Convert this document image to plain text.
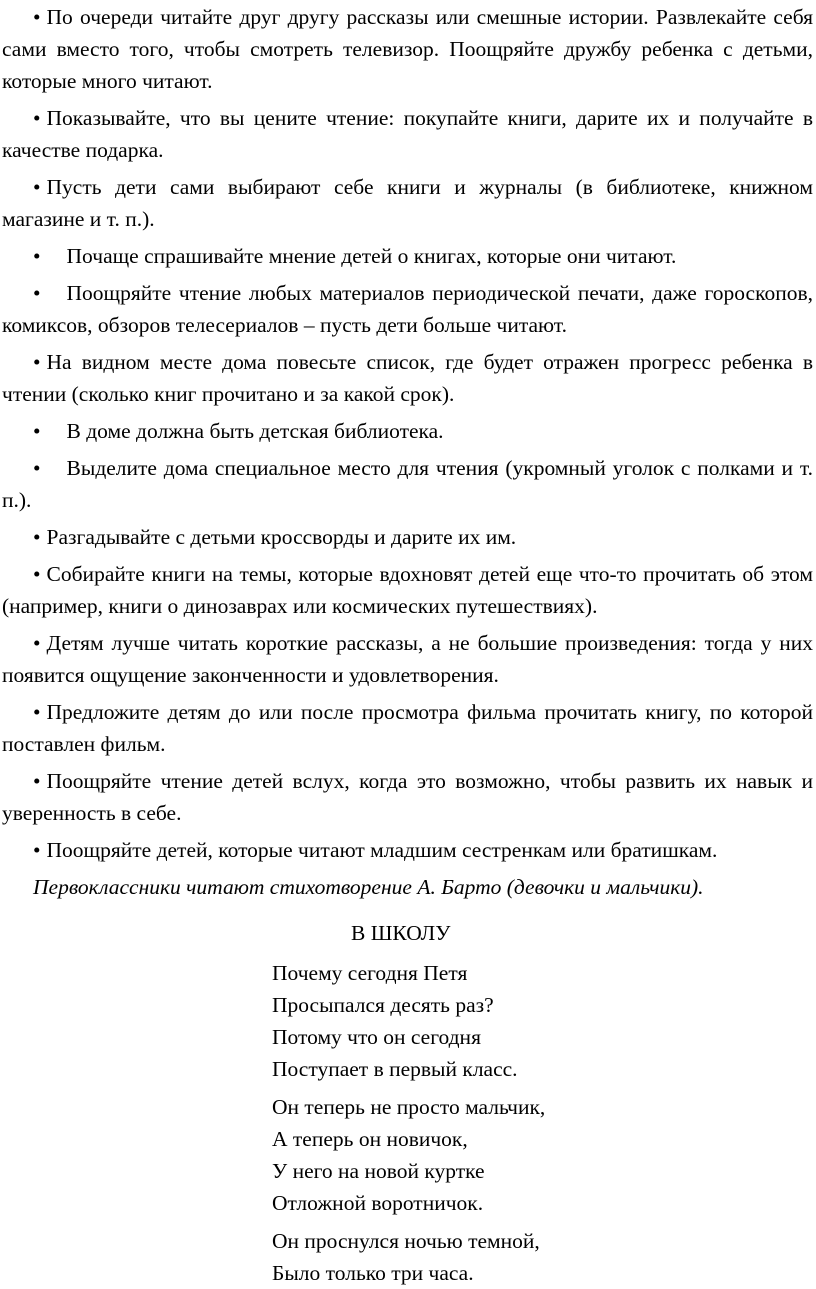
• По очереди читайте друг другу рассказы или смешные истории. Развлекайте себя сами вместо того, чтобы смотреть телевизор. Поощряйте дружбу ребенка с детьми, которые много читают.
• Показывайте, что вы цените чтение: покупайте книги, дарите их и получайте в качестве подарка.
• Пусть дети сами выбирают себе книги и журналы (в библиотеке, книжном магазине и т. п.).
• Почаще спрашивайте мнение детей о книгах, которые они читают.
• Поощряйте чтение любых материалов периодической печати, даже гороскопов, комиксов, обзоров телесериалов – пусть дети больше читают.
• На видном месте дома повесьте список, где будет отражен прогресс ребенка в чтении (сколько книг прочитано и за какой срок).
• В доме должна быть детская библиотека.
• Выделите дома специальное место для чтения (укромный уголок с полками и т. п.).
• Разгадывайте с детьми кроссворды и дарите их им.
• Собирайте книги на темы, которые вдохновят детей еще что-то прочитать об этом (например, книги о динозаврах или космических путешествиях).
• Детям лучше читать короткие рассказы, а не большие произведения: тогда у них появится ощущение законченности и удовлетворения.
• Предложите детям до или после просмотра фильма прочитать книгу, по которой поставлен фильм.
• Поощряйте чтение детей вслух, когда это возможно, чтобы развить их навык и уверенность в себе.
• Поощряйте детей, которые читают младшим сестренкам или братишкам.

Первоклассники читают стихотворение А. Барто (девочки и мальчики).

В ШКОЛУ
Почему сегодня Петя
Просыпался десять раз?
Потому что он сегодня
Поступает в первый класс.
Он теперь не просто мальчик,
А теперь он новичок,
У него на новой куртке
Отложной воротничок.
Он проснулся ночью темной,
Было только три часа.
